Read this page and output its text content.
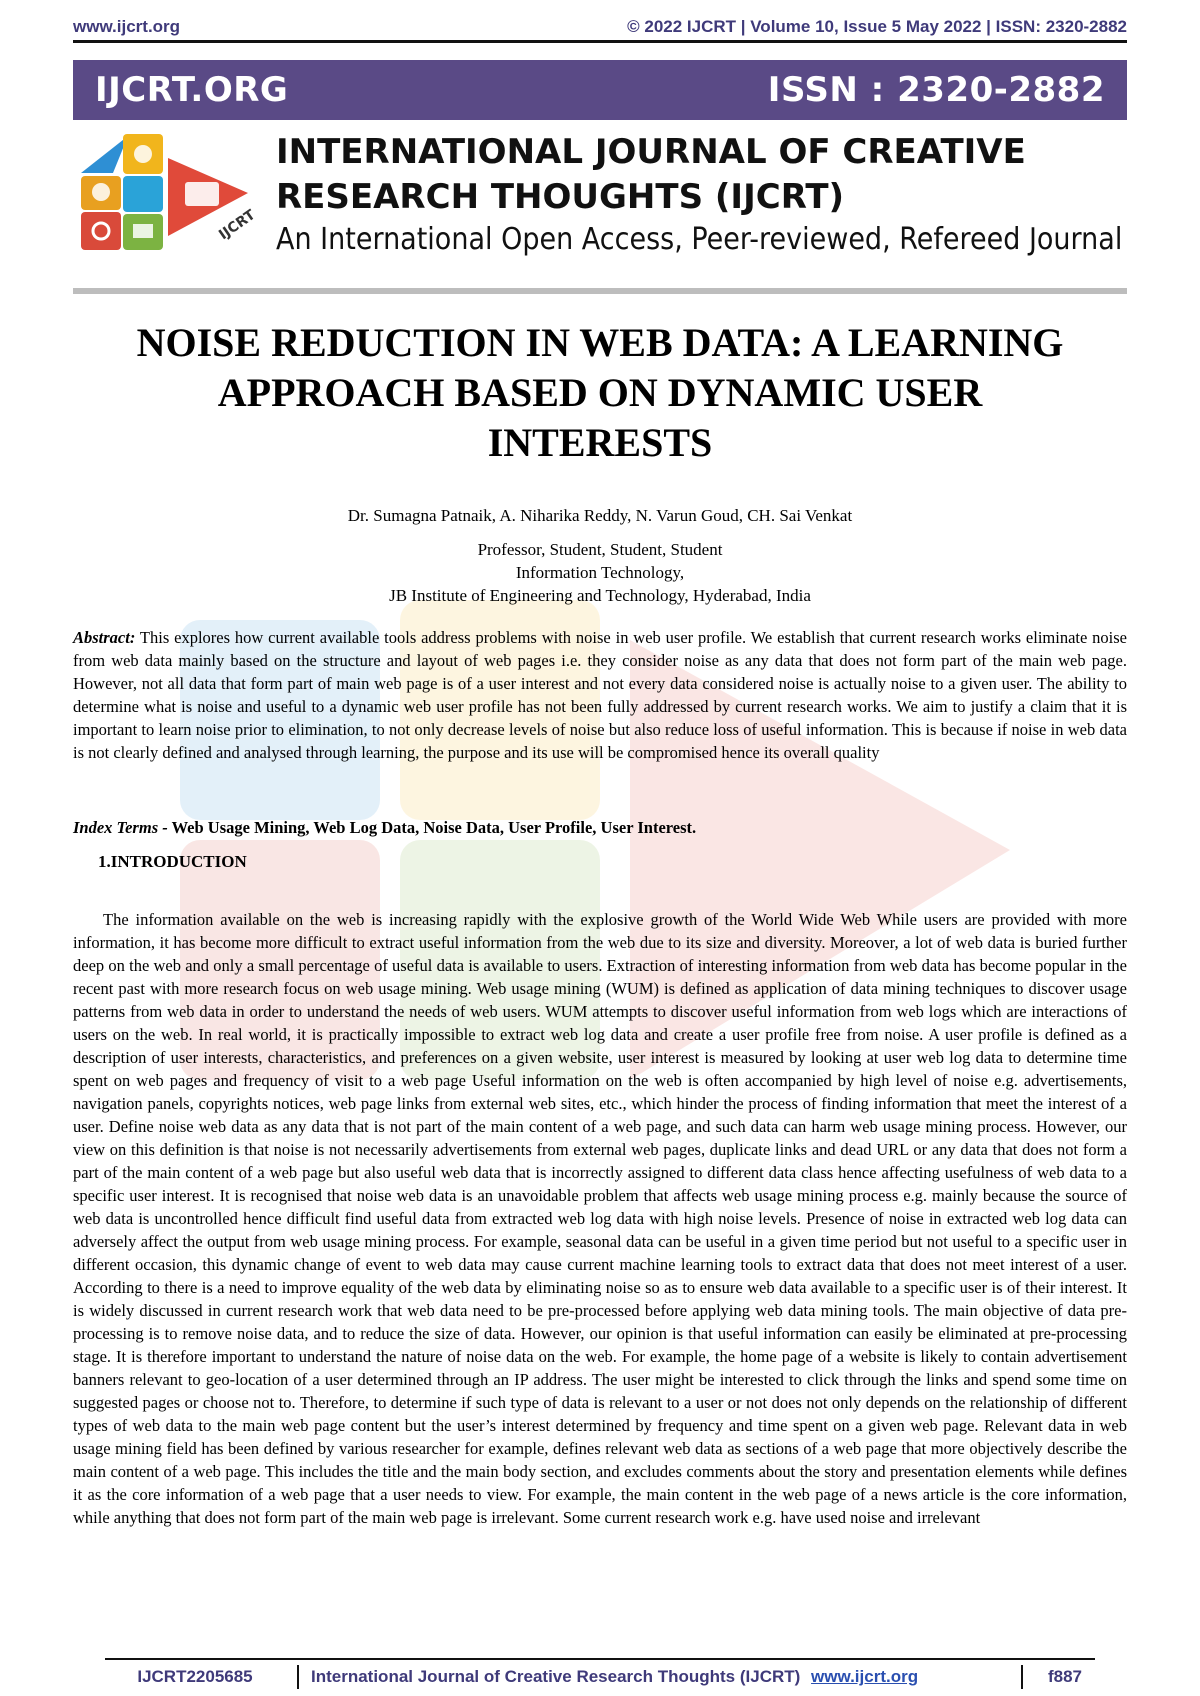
www.ijcrt.org	© 2022 IJCRT | Volume 10, Issue 5 May 2022 | ISSN: 2320-2882
IJCRT.ORG	ISSN : 2320-2882
IJCRT
INTERNATIONAL JOURNAL OF CREATIVE
RESEARCH THOUGHTS (IJCRT)
An International Open Access, Peer-reviewed, Refereed Journal
NOISE REDUCTION IN WEB DATA: A LEARNING
APPROACH BASED ON DYNAMIC USER
INTERESTS
Dr. Sumagna Patnaik, A. Niharika Reddy, N. Varun Goud, CH. Sai Venkat
Professor, Student, Student, Student
Information Technology,
JB Institute of Engineering and Technology, Hyderabad, India
Abstract: This explores how current available tools address problems with noise in web user profile. We establish that current research works eliminate noise from web data mainly based on the structure and layout of web pages i.e. they consider noise as any data that does not form part of the main web page. However, not all data that form part of main web page is of a user interest and not every data considered noise is actually noise to a given user. The ability to determine what is noise and useful to a dynamic web user profile has not been fully addressed by current research works. We aim to justify a claim that it is important to learn noise prior to elimination, to not only decrease levels of noise but also reduce loss of useful information. This is because if noise in web data is not clearly defined and analysed through learning, the purpose and its use will be compromised hence its overall quality
Index Terms - Web Usage Mining, Web Log Data, Noise Data, User Profile, User Interest.
1.INTRODUCTION
The information available on the web is increasing rapidly with the explosive growth of the World Wide Web While users are provided with more information, it has become more difficult to extract useful information from the web due to its size and diversity. Moreover, a lot of web data is buried further deep on the web and only a small percentage of useful data is available to users. Extraction of interesting information from web data has become popular in the recent past with more research focus on web usage mining. Web usage mining (WUM) is defined as application of data mining techniques to discover usage patterns from web data in order to understand the needs of web users. WUM attempts to discover useful information from web logs which are interactions of users on the web. In real world, it is practically impossible to extract web log data and create a user profile free from noise. A user profile is defined as a description of user interests, characteristics, and preferences on a given website, user interest is measured by looking at user web log data to determine time spent on web pages and frequency of visit to a web page Useful information on the web is often accompanied by high level of noise e.g. advertisements, navigation panels, copyrights notices, web page links from external web sites, etc., which hinder the process of finding information that meet the interest of a user. Define noise web data as any data that is not part of the main content of a web page, and such data can harm web usage mining process. However, our view on this definition is that noise is not necessarily advertisements from external web pages, duplicate links and dead URL or any data that does not form a part of the main content of a web page but also useful web data that is incorrectly assigned to different data class hence affecting usefulness of web data to a specific user interest. It is recognised that noise web data is an unavoidable problem that affects web usage mining process e.g. mainly because the source of web data is uncontrolled hence difficult find useful data from extracted web log data with high noise levels. Presence of noise in extracted web log data can adversely affect the output from web usage mining process. For example, seasonal data can be useful in a given time period but not useful to a specific user in different occasion, this dynamic change of event to web data may cause current machine learning tools to extract data that does not meet interest of a user. According to there is a need to improve equality of the web data by eliminating noise so as to ensure web data available to a specific user is of their interest. It is widely discussed in current research work that web data need to be pre-processed before applying web data mining tools. The main objective of data pre-processing is to remove noise data, and to reduce the size of data. However, our opinion is that useful information can easily be eliminated at pre-processing stage. It is therefore important to understand the nature of noise data on the web. For example, the home page of a website is likely to contain advertisement banners relevant to geo-location of a user determined through an IP address. The user might be interested to click through the links and spend some time on suggested pages or choose not to. Therefore, to determine if such type of data is relevant to a user or not does not only depends on the relationship of different types of web data to the main web page content but the user’s interest determined by frequency and time spent on a given web page. Relevant data in web usage mining field has been defined by various researcher for example, defines relevant web data as sections of a web page that more objectively describe the main content of a web page. This includes the title and the main body section, and excludes comments about the story and presentation elements while defines it as the core information of a web page that a user needs to view. For example, the main content in the web page of a news article is the core information, while anything that does not form part of the main web page is irrelevant. Some current research work e.g. have used noise and irrelevant
IJCRT2205685	International Journal of Creative Research Thoughts (IJCRT) www.ijcrt.org	f887
